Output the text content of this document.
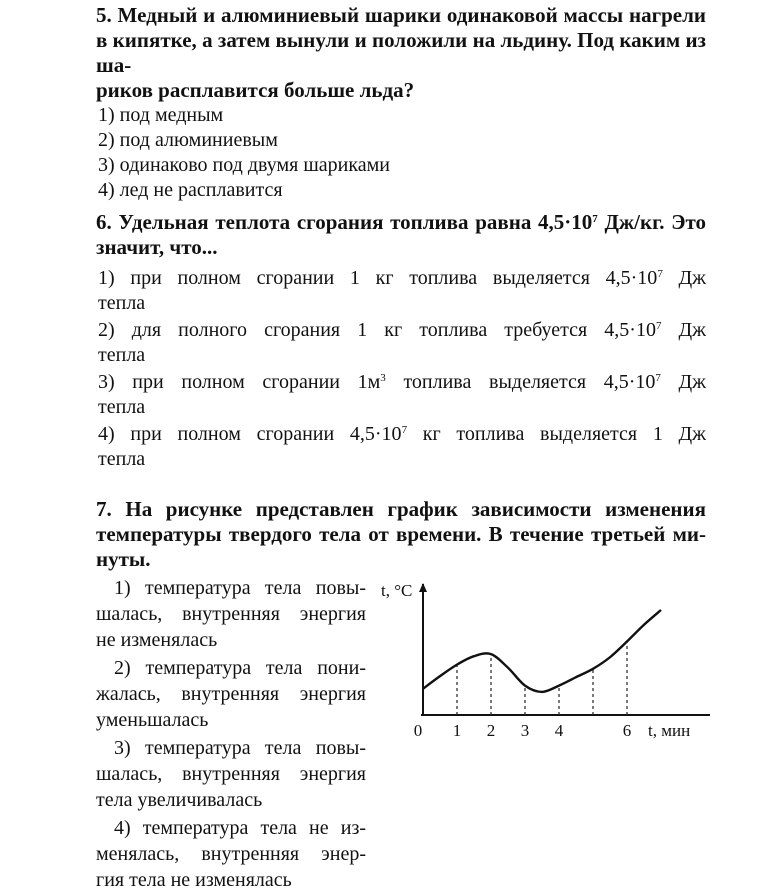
5. Медный и алюминиевый шарики одинаковой массы нагрели
в кипятке, а затем вынули и положили на льдину. Под каким из ша-
риков расплавится больше льда?

1) под медным

2) под алюминиевым

3) одинаково под двумя шариками

4) лед не расплавится

6. Удельная теплота сгорания топлива равна $4,5\cdot 10^7$ Дж/кг. Это
значит, что...

1) при полном сгорании 1 кг топлива выделяется $4,5\cdot 10^7$ Дж
тепла

2) для полного сгорания 1 кг топлива требуется $4,5\cdot 10^7$ Дж
тепла

3) при полном сгорании $1м^3$ топлива выделяется $4,5\cdot 10^7$ Дж
тепла

4) при полном сгорании $4,5\cdot 10^7$ кг топлива выделяется 1 Дж
тепла

7. На рисунке представлен график зависимости изменения
температуры твердого тела от времени. В течение третьей ми-
нуты.

1) температура тела повы-
шалась, внутренняя энергия
не изменялась

2) температура тела пони-
жалась, внутренняя энергия
уменьшалась

3) температура тела повы-
шалась, внутренняя энергия
тела увеличивалась

4) температура тела не из-
менялась, внутренняя энер-
гия тела не изменялась

t, °C
t, мин
0 1 2 3 4	6
